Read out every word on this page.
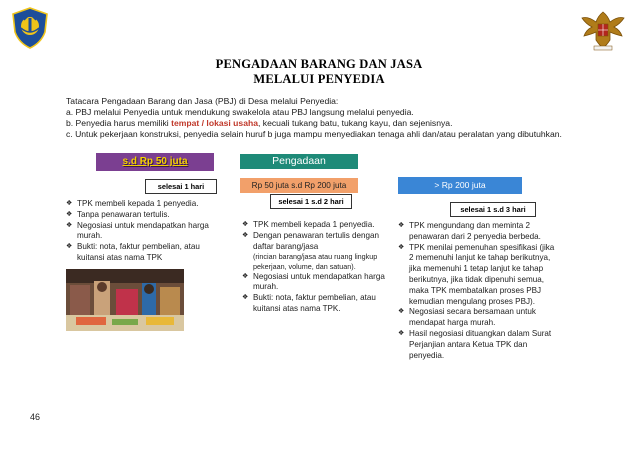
PENGADAAN BARANG DAN JASA
MELALUI PENYEDIA
Tatacara Pengadaan Barang dan Jasa (PBJ) di Desa melalui Penyedia:
a. PBJ melalui Penyedia untuk mendukung swakelola atau PBJ langsung melalui penyedia.
b. Penyedia harus memiliki tempat / lokasi usaha, kecuali tukang batu, tukang kayu, dan sejenisnya.
c. Untuk pekerjaan konstruksi, penyedia selain huruf b juga mampu menyediakan tenaga ahli dan/atau peralatan yang dibutuhkan.
s.d Rp 50 juta
selesai 1 hari
❖ TPK membeli kepada 1 penyedia.
❖ Tanpa penawaran tertulis.
❖ Negosiasi untuk mendapatkan harga murah.
❖ Bukti: nota, faktur pembelian, atau kuitansi atas nama TPK
Pengadaan
Rp 50 juta s.d Rp 200 juta
selesai 1 s.d 2 hari
❖ TPK membeli kepada 1 penyedia.
❖ Dengan penawaran tertulis dengan daftar barang/jasa
(rincian barang/jasa atau ruang lingkup pekerjaan, volume, dan satuan).
❖ Negosiasi untuk mendapatkan harga murah.
❖ Bukti: nota, faktur pembelian, atau kuitansi atas nama TPK.
> Rp 200 juta
selesai 1 s.d 3 hari
❖ TPK mengundang dan meminta 2 penawaran dari 2 penyedia berbeda.
❖ TPK menilai pemenuhan spesifikasi (jika 2 memenuhi lanjut ke tahap berikutnya, jika memenuhi 1 tetap lanjut ke tahap berikutnya, jika tidak dipenuhi semua, maka TPK membatalkan proses PBJ kemudian mengulang proses PBJ).
❖ Negosiasi secara bersamaan untuk mendapat harga murah.
❖ Hasil negosiasi dituangkan dalam Surat Perjanjian antara Ketua TPK dan penyedia.
46
